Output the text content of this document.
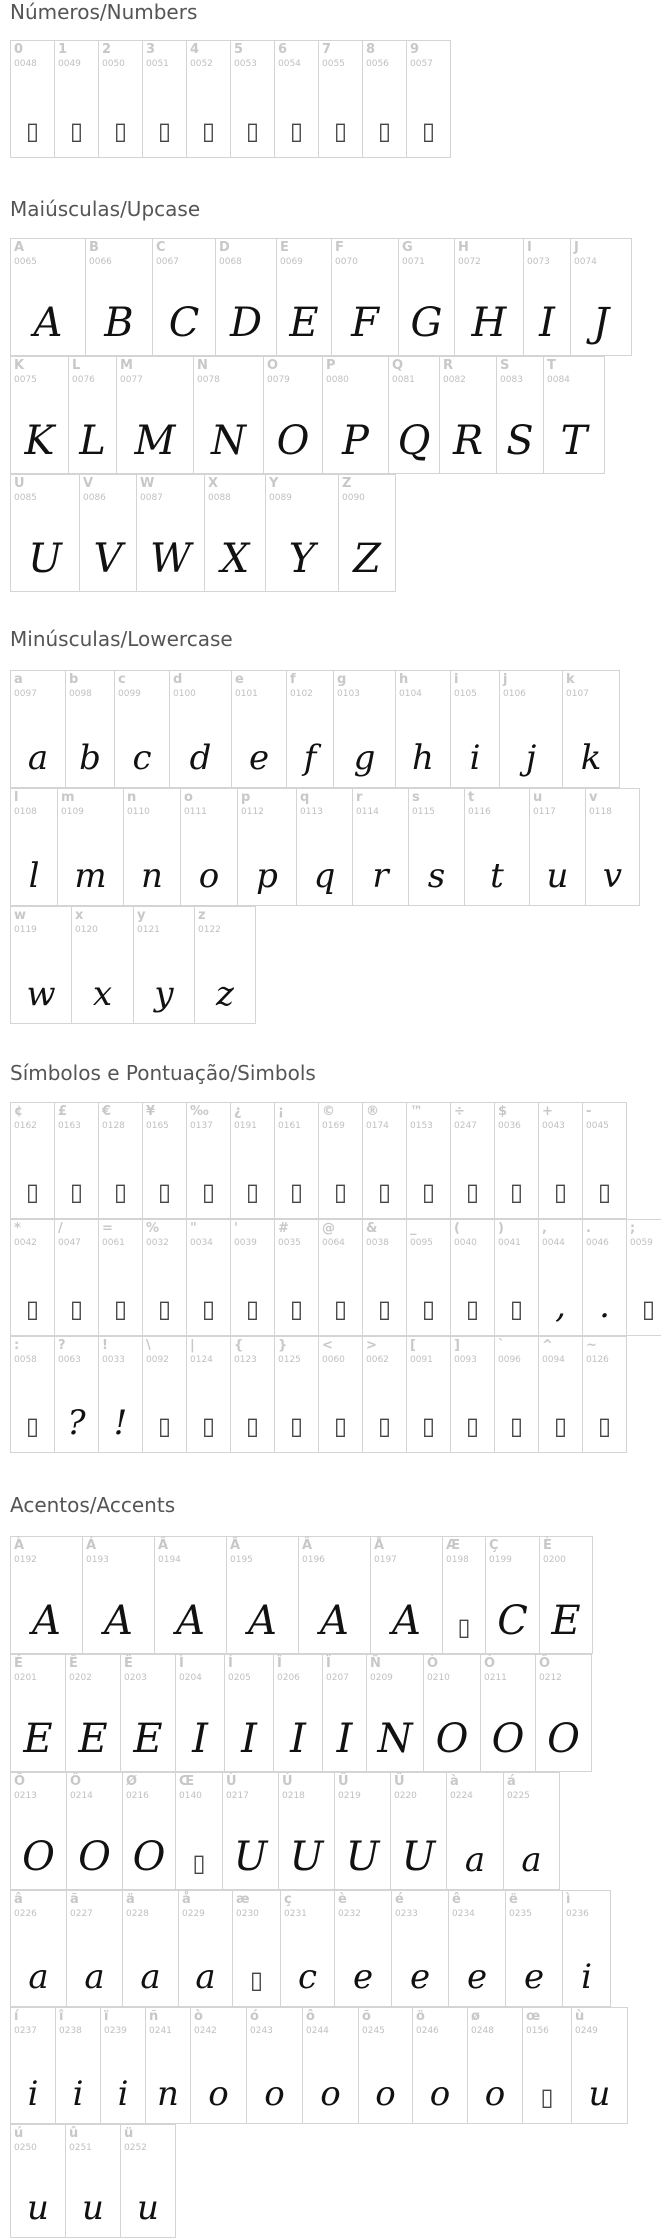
Números/Numbers
0
0048
▯
1
0049
▯
2
0050
▯
3
0051
▯
4
0052
▯
5
0053
▯
6
0054
▯
7
0055
▯
8
0056
▯
9
0057
▯
Maiúsculas/Upcase
A
0065
A
B
0066
B
C
0067
C
D
0068
D
E
0069
E
F
0070
F
G
0071
G
H
0072
H
I
0073
I
J
0074
J
K
0075
K
L
0076
L
M
0077
M
N
0078
N
O
0079
O
P
0080
P
Q
0081
Q
R
0082
R
S
0083
S
T
0084
T
U
0085
U
V
0086
V
W
0087
W
X
0088
X
Y
0089
Y
Z
0090
Z
Minúsculas/Lowercase
a
0097
a
b
0098
b
c
0099
c
d
0100
d
e
0101
e
f
0102
f
g
0103
g
h
0104
h
i
0105
i
j
0106
j
k
0107
k
l
0108
l
m
0109
m
n
0110
n
o
0111
o
p
0112
p
q
0113
q
r
0114
r
s
0115
s
t
0116
t
u
0117
u
v
0118
v
w
0119
w
x
0120
x
y
0121
y
z
0122
z
Símbolos e Pontuação/Simbols
¢
0162
▯
£
0163
▯
€
0128
▯
¥
0165
▯
‰
0137
▯
¿
0191
▯
¡
0161
▯
©
0169
▯
®
0174
▯
™
0153
▯
÷
0247
▯
$
0036
▯
+
0043
▯
-
0045
▯
*
0042
▯
/
0047
▯
=
0061
▯
%
0032
▯
"
0034
▯
'
0039
▯
#
0035
▯
@
0064
▯
&
0038
▯
_
0095
▯
(
0040
▯
)
0041
▯
,
0044
,
.
0046
.
;
0059
▯
:
0058
▯
?
0063
?
!
0033
!
\
0092
▯
|
0124
▯
{
0123
▯
}
0125
▯
<
0060
▯
>
0062
▯
[
0091
▯
]
0093
▯
`
0096
▯
^
0094
▯
~
0126
▯
Acentos/Accents
À
0192
A
Á
0193
A
Â
0194
A
Ã
0195
A
Ä
0196
A
Å
0197
A
Æ
0198
▯
Ç
0199
C
È
0200
E
É
0201
E
Ê
0202
E
Ë
0203
E
Ì
0204
I
Í
0205
I
Î
0206
I
Ï
0207
I
Ñ
0209
N
Ò
0210
O
Ó
0211
O
Ô
0212
O
Õ
0213
O
Ö
0214
O
Ø
0216
O
Œ
0140
▯
Ù
0217
U
Ú
0218
U
Û
0219
U
Ü
0220
U
à
0224
a
á
0225
a
â
0226
a
ã
0227
a
ä
0228
a
å
0229
a
æ
0230
▯
ç
0231
c
è
0232
e
é
0233
e
ê
0234
e
ë
0235
e
ì
0236
i
í
0237
i
î
0238
i
ï
0239
i
ñ
0241
n
ò
0242
o
ó
0243
o
ô
0244
o
õ
0245
o
ö
0246
o
ø
0248
o
œ
0156
▯
ù
0249
u
ú
0250
u
û
0251
u
ü
0252
u
